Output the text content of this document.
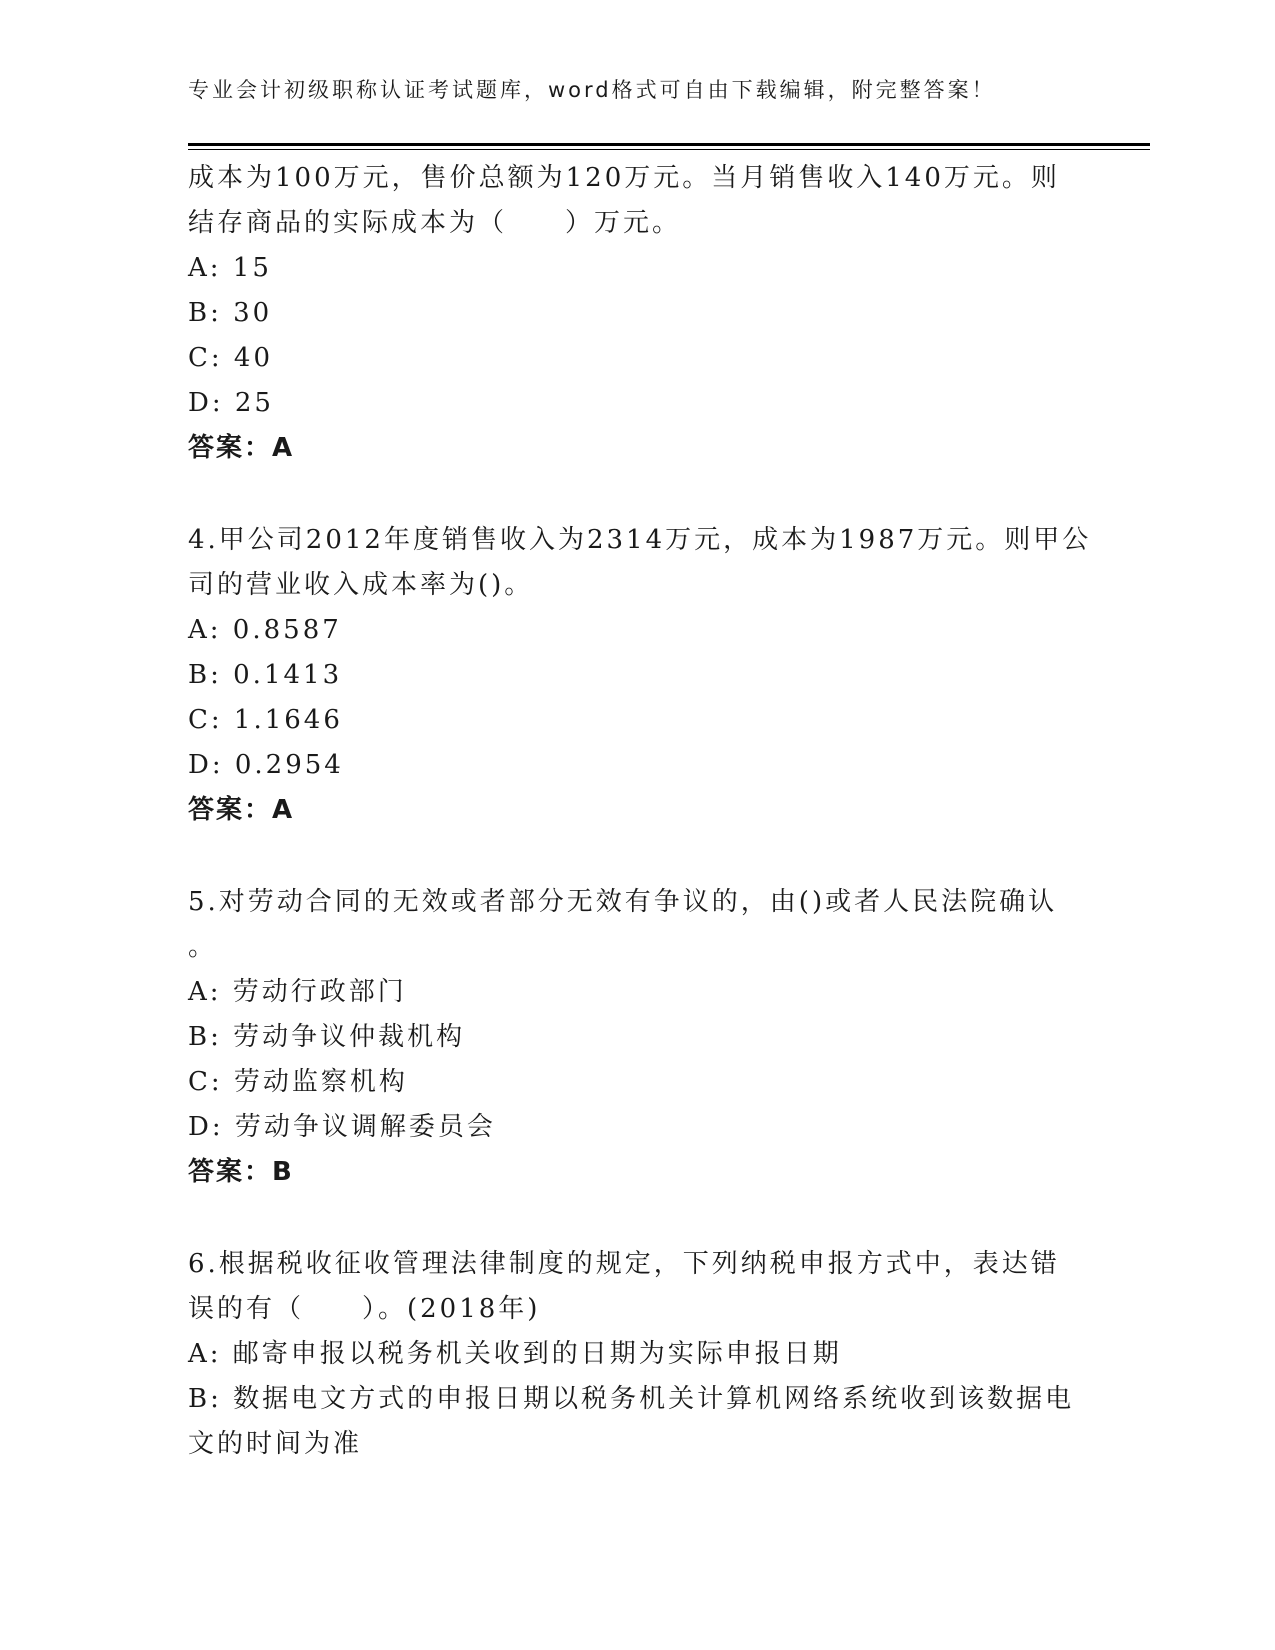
专业会计初级职称认证考试题库，word格式可自由下载编辑，附完整答案！
成本为100万元，售价总额为120万元。当月销售收入140万元。则
结存商品的实际成本为（　　）万元。
A: 15
B: 30
C: 40
D: 25
答案：A
4.甲公司2012年度销售收入为2314万元，成本为1987万元。则甲公
司的营业收入成本率为()。
A: 0.8587
B: 0.1413
C: 1.1646
D: 0.2954
答案：A
5.对劳动合同的无效或者部分无效有争议的，由()或者人民法院确认
。
A: 劳动行政部门
B: 劳动争议仲裁机构
C: 劳动监察机构
D: 劳动争议调解委员会
答案：B
6.根据税收征收管理法律制度的规定，下列纳税申报方式中，表达错
误的有（　　）。(2018年)
A: 邮寄申报以税务机关收到的日期为实际申报日期
B: 数据电文方式的申报日期以税务机关计算机网络系统收到该数据电
文的时间为准
